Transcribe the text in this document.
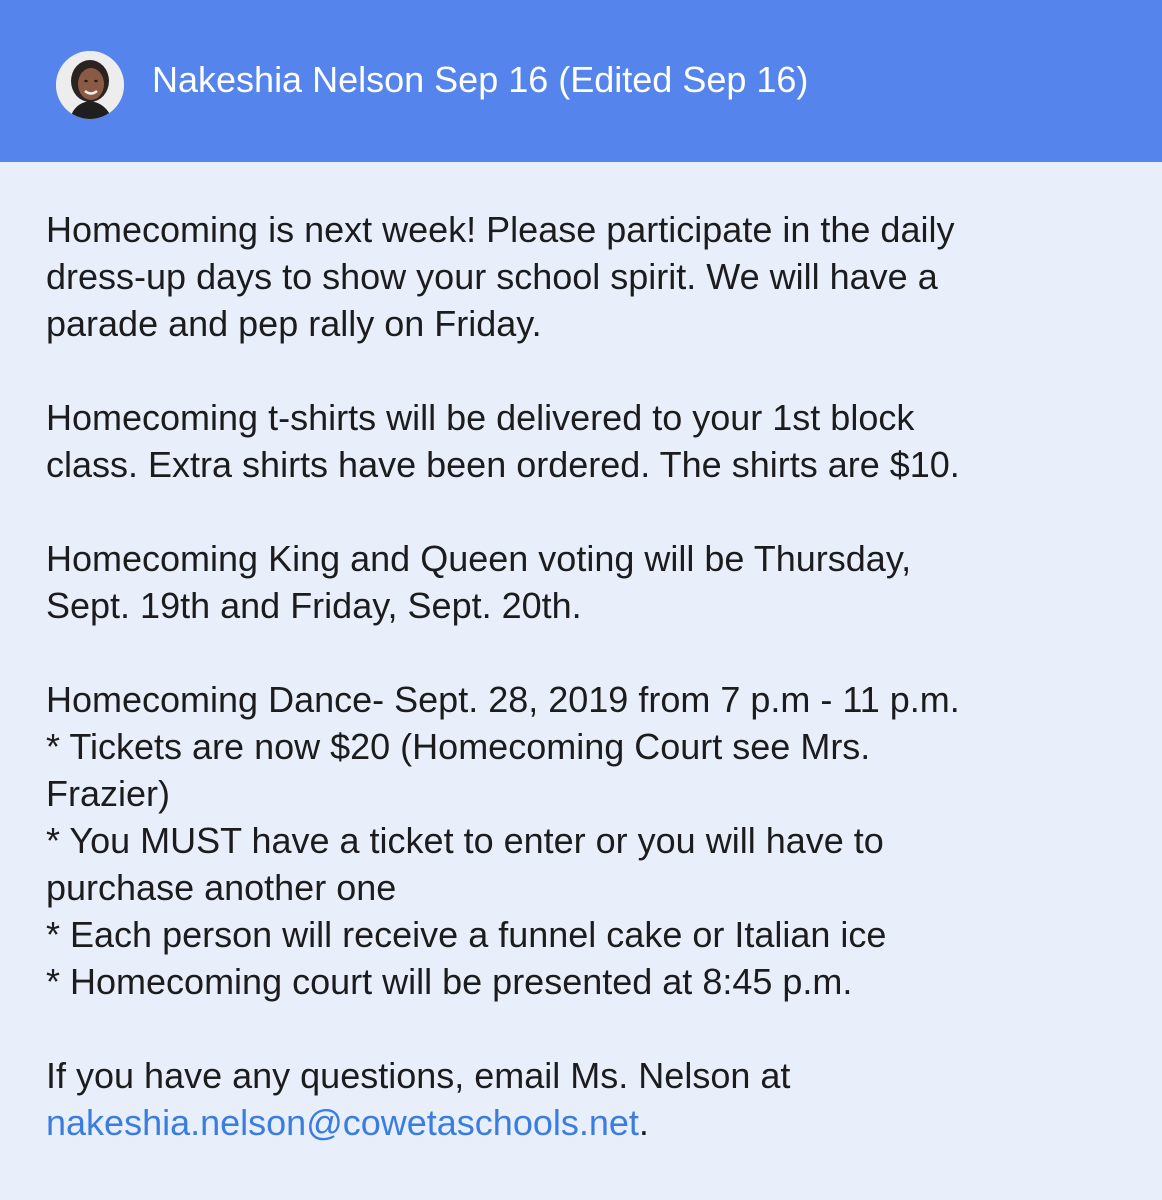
Nakeshia Nelson Sep 16 (Edited Sep 16)
Homecoming is next week! Please participate in the daily
dress-up days to show your school spirit. We will have a
parade and pep rally on Friday.
Homecoming t-shirts will be delivered to your 1st block
class. Extra shirts have been ordered. The shirts are $10.
Homecoming King and Queen voting will be Thursday,
Sept. 19th and Friday, Sept. 20th.
Homecoming Dance- Sept. 28, 2019 from 7 p.m - 11 p.m.
* Tickets are now $20 (Homecoming Court see Mrs.
Frazier)
* You MUST have a ticket to enter or you will have to
purchase another one
* Each person will receive a funnel cake or Italian ice
* Homecoming court will be presented at 8:45 p.m.
If you have any questions, email Ms. Nelson at
nakeshia.nelson@cowetaschools.net.
